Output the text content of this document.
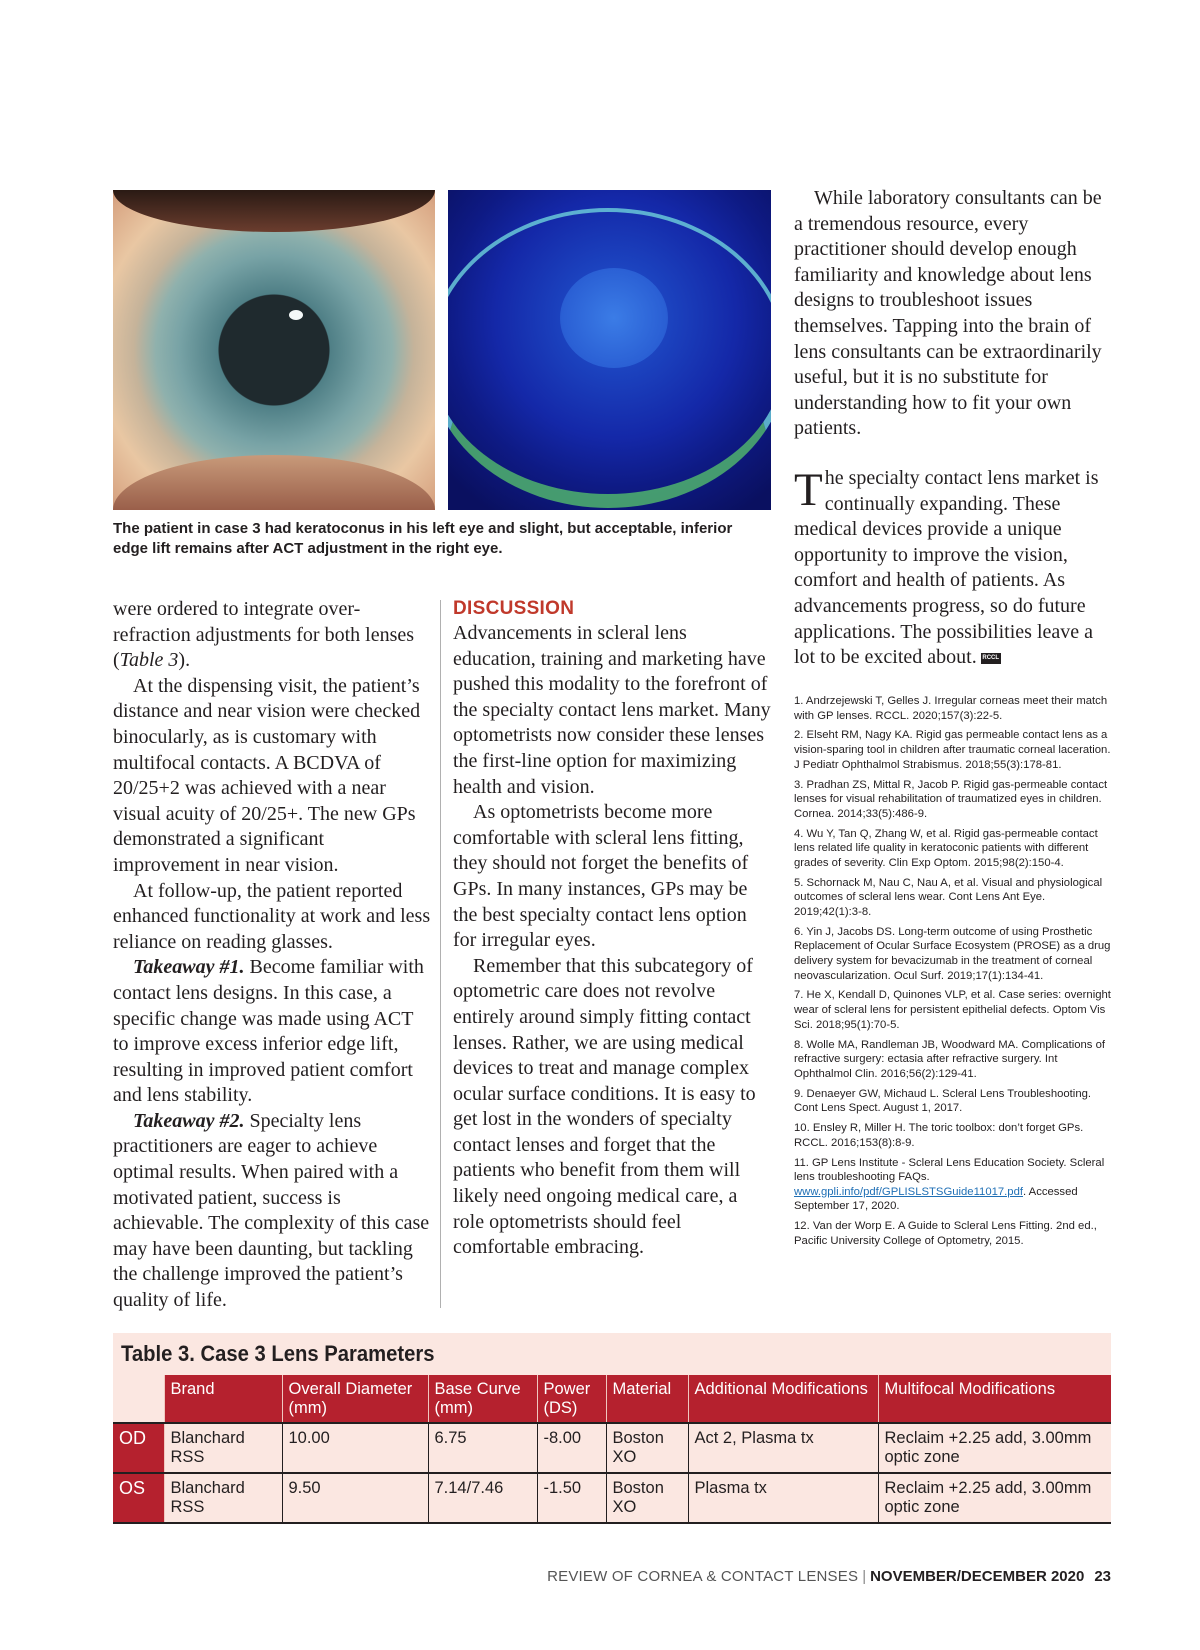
The patient in case 3 had keratoconus in his left eye and slight, but acceptable, inferior edge lift remains after ACT adjustment in the right eye.

were ordered to integrate over-refraction adjustments for both lenses (Table 3).

At the dispensing visit, the patient’s distance and near vision were checked binocularly, as is customary with multifocal contacts. A BCDVA of 20/25+2 was achieved with a near visual acuity of 20/25+. The new GPs demonstrated a significant improvement in near vision.

At follow-up, the patient reported enhanced functionality at work and less reliance on reading glasses.

Takeaway #1. Become familiar with contact lens designs. In this case, a specific change was made using ACT to improve excess inferior edge lift, resulting in improved patient comfort and lens stability.

Takeaway #2. Specialty lens practitioners are eager to achieve optimal results. When paired with a motivated patient, success is achievable. The complexity of this case may have been daunting, but tackling the challenge improved the patient’s quality of life.

DISCUSSION

Advancements in scleral lens education, training and marketing have pushed this modality to the forefront of the specialty contact lens market. Many optometrists now consider these lenses the first-line option for maximizing health and vision.

As optometrists become more comfortable with scleral lens fitting, they should not forget the benefits of GPs. In many instances, GPs may be the best specialty contact lens option for irregular eyes.

Remember that this subcategory of optometric care does not revolve entirely around simply fitting contact lenses. Rather, we are using medical devices to treat and manage complex ocular surface conditions. It is easy to get lost in the wonders of specialty contact lenses and forget that the patients who benefit from them will likely need ongoing medical care, a role optometrists should feel comfortable embracing.

While laboratory consultants can be a tremendous resource, every practitioner should develop enough familiarity and knowledge about lens designs to troubleshoot issues themselves. Tapping into the brain of lens consultants can be extraordinarily useful, but it is no substitute for understanding how to fit your own patients.

The specialty contact lens market is continually expanding. These medical devices provide a unique opportunity to improve the vision, comfort and health of patients. As advancements progress, so do future applications. The possibilities leave a lot to be excited about. RCCL

1. Andrzejewski T, Gelles J. Irregular corneas meet their match with GP lenses. RCCL. 2020;157(3):22-5.

2. Elseht RM, Nagy KA. Rigid gas permeable contact lens as a vision-sparing tool in children after traumatic corneal laceration. J Pediatr Ophthalmol Strabismus. 2018;55(3):178-81.

3. Pradhan ZS, Mittal R, Jacob P. Rigid gas-permeable contact lenses for visual rehabilitation of traumatized eyes in children. Cornea. 2014;33(5):486-9.

4. Wu Y, Tan Q, Zhang W, et al. Rigid gas-permeable contact lens related life quality in keratoconic patients with different grades of severity. Clin Exp Optom. 2015;98(2):150-4.

5. Schornack M, Nau C, Nau A, et al. Visual and physiological outcomes of scleral lens wear. Cont Lens Ant Eye. 2019;42(1):3-8.

6. Yin J, Jacobs DS. Long-term outcome of using Prosthetic Replacement of Ocular Surface Ecosystem (PROSE) as a drug delivery system for bevacizumab in the treatment of corneal neovascularization. Ocul Surf. 2019;17(1):134-41.

7. He X, Kendall D, Quinones VLP, et al. Case series: overnight wear of scleral lens for persistent epithelial defects. Optom Vis Sci. 2018;95(1):70-5.

8. Wolle MA, Randleman JB, Woodward MA. Complications of refractive surgery: ectasia after refractive surgery. Int Ophthalmol Clin. 2016;56(2):129-41.

9. Denaeyer GW, Michaud L. Scleral Lens Troubleshooting. Cont Lens Spect. August 1, 2017.

10. Ensley R, Miller H. The toric toolbox: don’t forget GPs. RCCL. 2016;153(8):8-9.

11. GP Lens Institute - Scleral Lens Education Society. Scleral lens troubleshooting FAQs. www.gpli.info/pdf/GPLISLSTSGuide11017.pdf. Accessed September 17, 2020.

12. Van der Worp E. A Guide to Scleral Lens Fitting. 2nd ed., Pacific University College of Optometry, 2015.

Table 3. Case 3 Lens Parameters
	Brand	Overall Diameter (mm)	Base Curve (mm)	Power (DS)	Material	Additional Modifications	Multifocal Modifications
OD	Blanchard RSS	10.00	6.75	-8.00	Boston XO	Act 2, Plasma tx	Reclaim +2.25 add, 3.00mm optic zone
OS	Blanchard RSS	9.50	7.14/7.46	-1.50	Boston XO	Plasma tx	Reclaim +2.25 add, 3.00mm optic zone
REVIEW OF CORNEA & CONTACT LENSES | NOVEMBER/DECEMBER 2020 23
